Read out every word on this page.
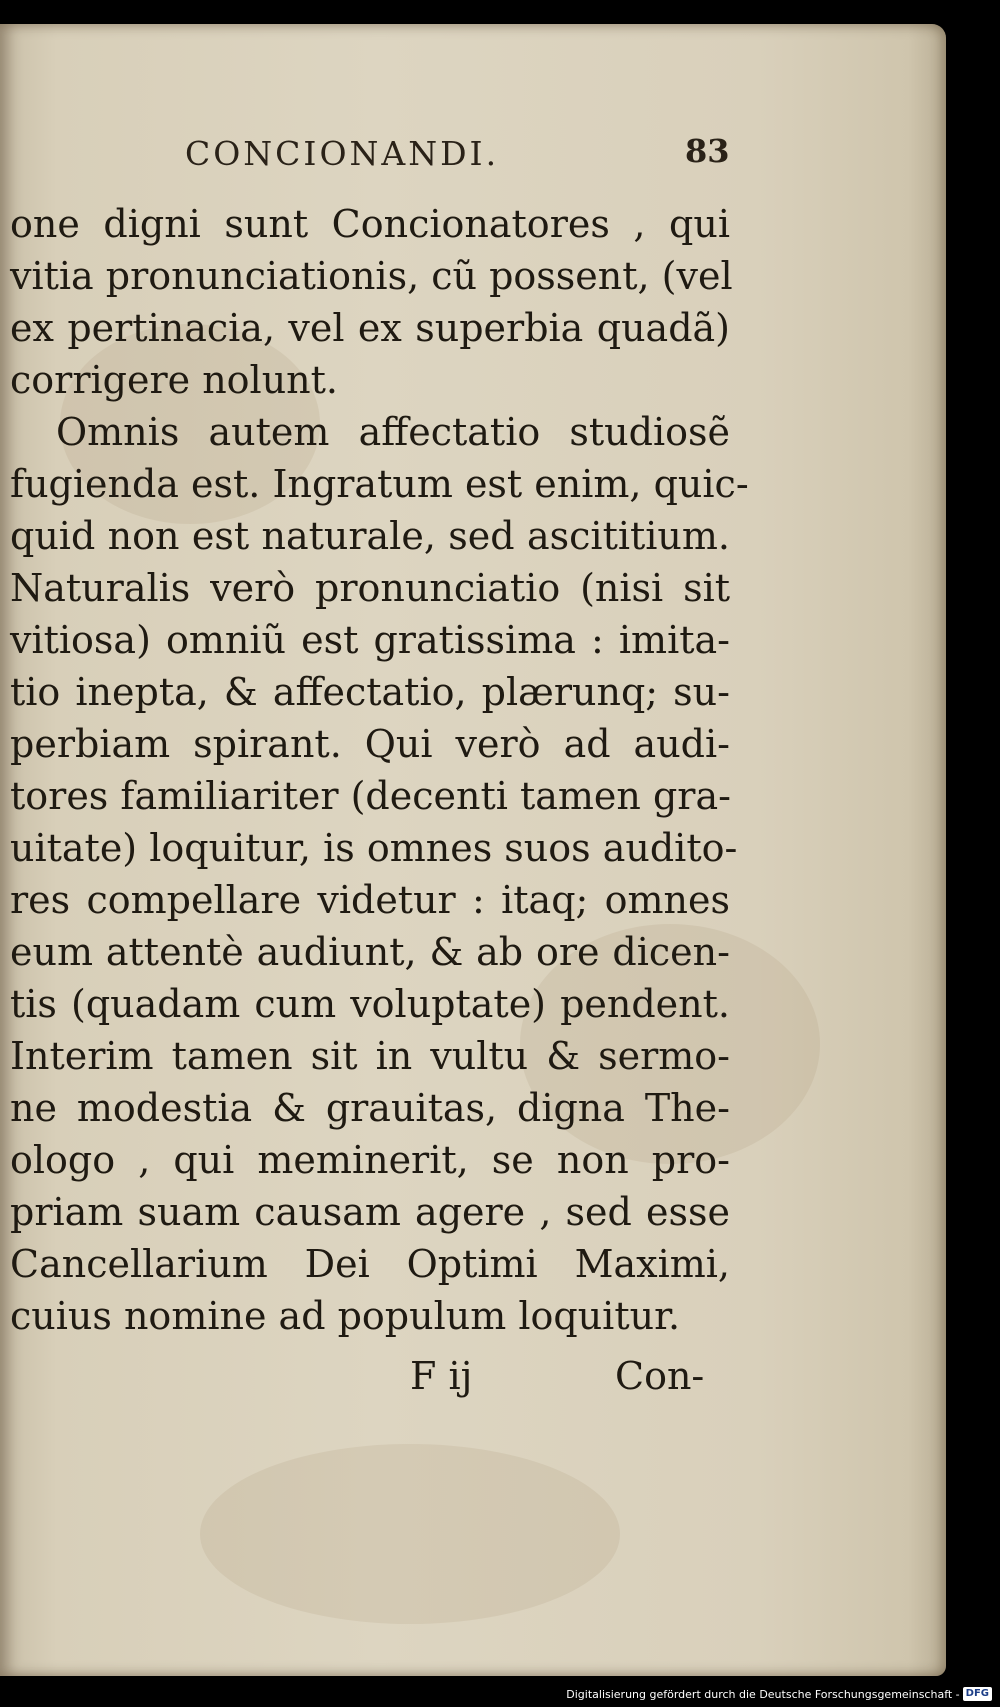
CONCIONANDI.	83
one digni sunt Concionatores , qui
vitia pronunciationis, cũ possent, (vel
ex pertinacia, vel ex superbia quadã)
corrigere nolunt.
Omnis autem affectatio studiosẽ
fugienda est. Ingratum est enim, quic-
quid non est naturale, sed ascititium.
Naturalis verò pronunciatio (nisi sit
vitiosa) omniũ est gratissima : imita-
tio inepta, & affectatio, plærunq; su-
perbiam spirant. Qui verò ad audi-
tores familiariter (decenti tamen gra-
uitate) loquitur, is omnes suos audito-
res compellare videtur : itaq; omnes
eum attentè audiunt, & ab ore dicen-
tis (quadam cum voluptate) pendent.
Interim tamen sit in vultu & sermo-
ne modestia & grauitas, digna The-
ologo , qui meminerit, se non pro-
priam suam causam agere , sed esse
Cancellarium Dei Optimi Maximi,
cuius nomine ad populum loquitur.
F ij	Con-
Digitalisierung gefördert durch die Deutsche Forschungsgemeinschaft - DFG
